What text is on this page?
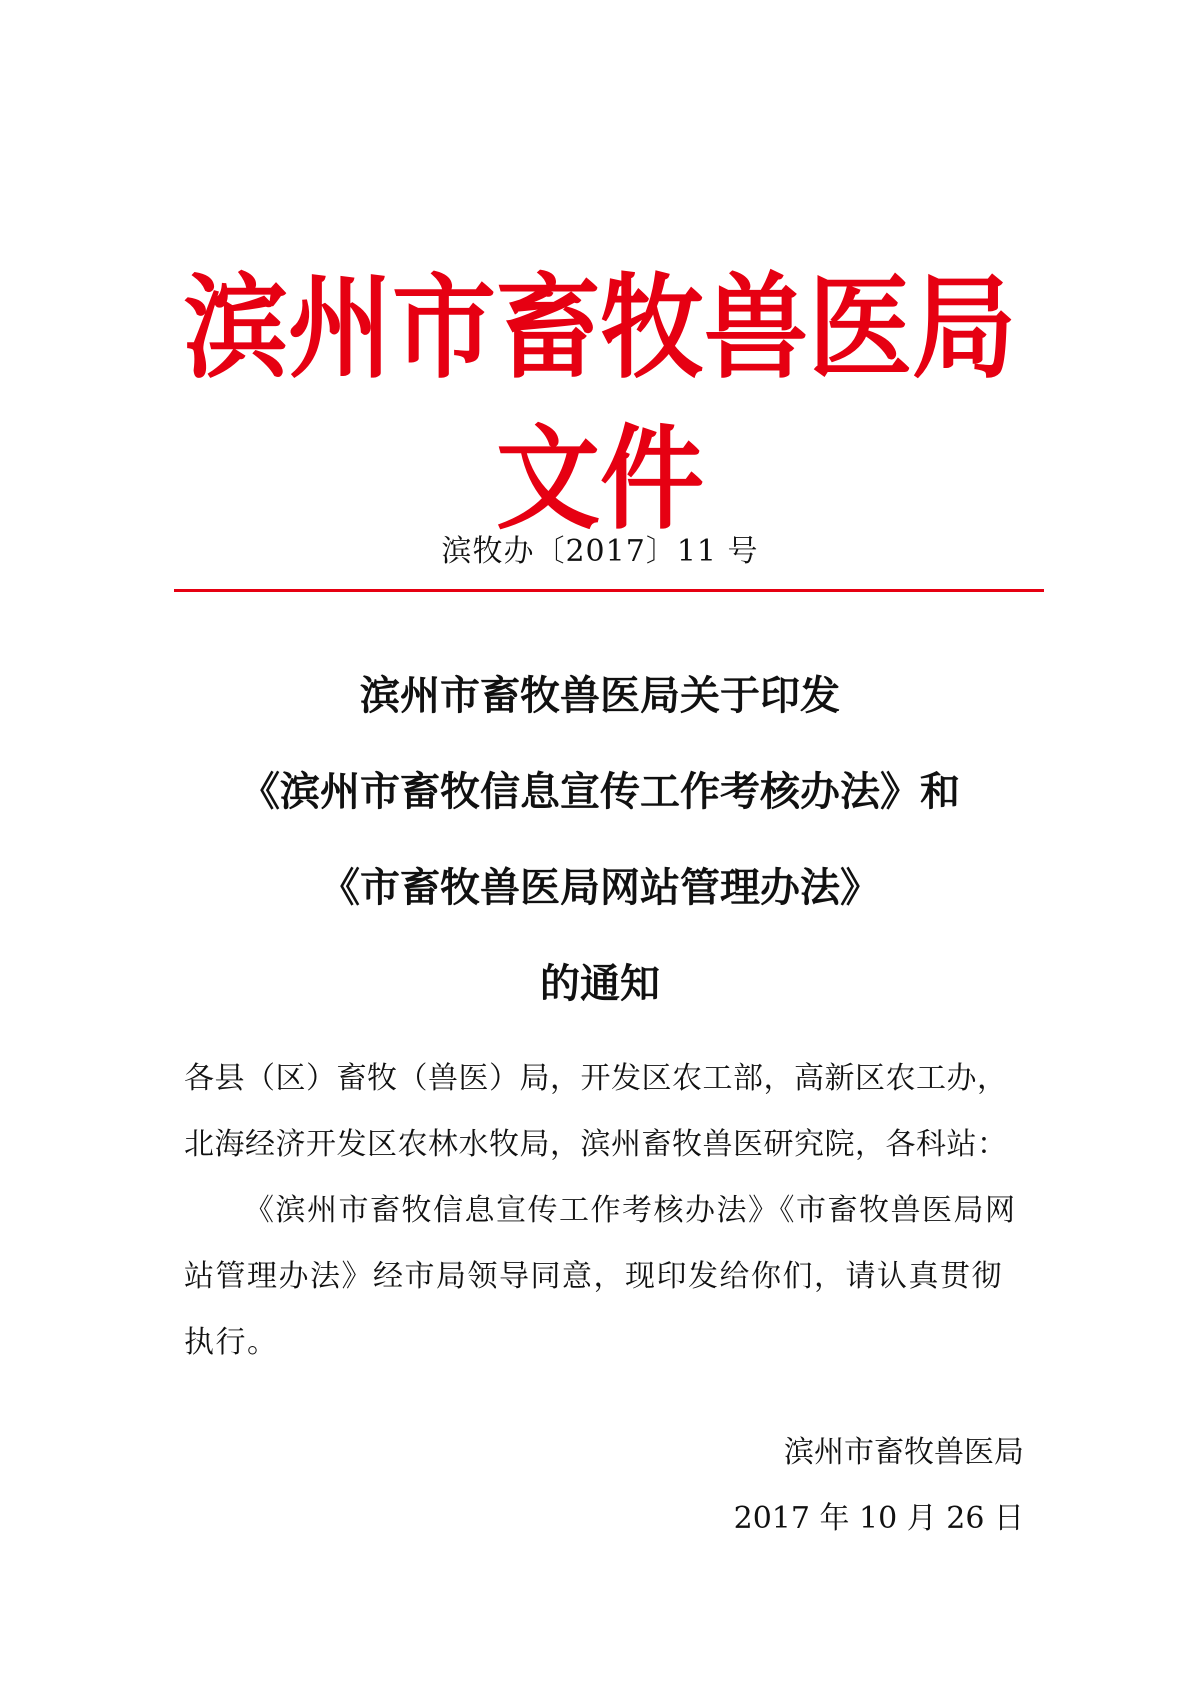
滨州市畜牧兽医局文件
滨牧办〔2017〕11 号
滨州市畜牧兽医局关于印发
《滨州市畜牧信息宣传工作考核办法》和
《市畜牧兽医局网站管理办法》
的通知

各县（区）畜牧（兽医）局，开发区农工部，高新区农工办，北海经济开发区农林水牧局，滨州畜牧兽医研究院，各科站：

《滨州市畜牧信息宣传工作考核办法》《市畜牧兽医局网站管理办法》经市局领导同意，现印发给你们，请认真贯彻执行。

滨州市畜牧兽医局
2017 年 10 月 26 日
